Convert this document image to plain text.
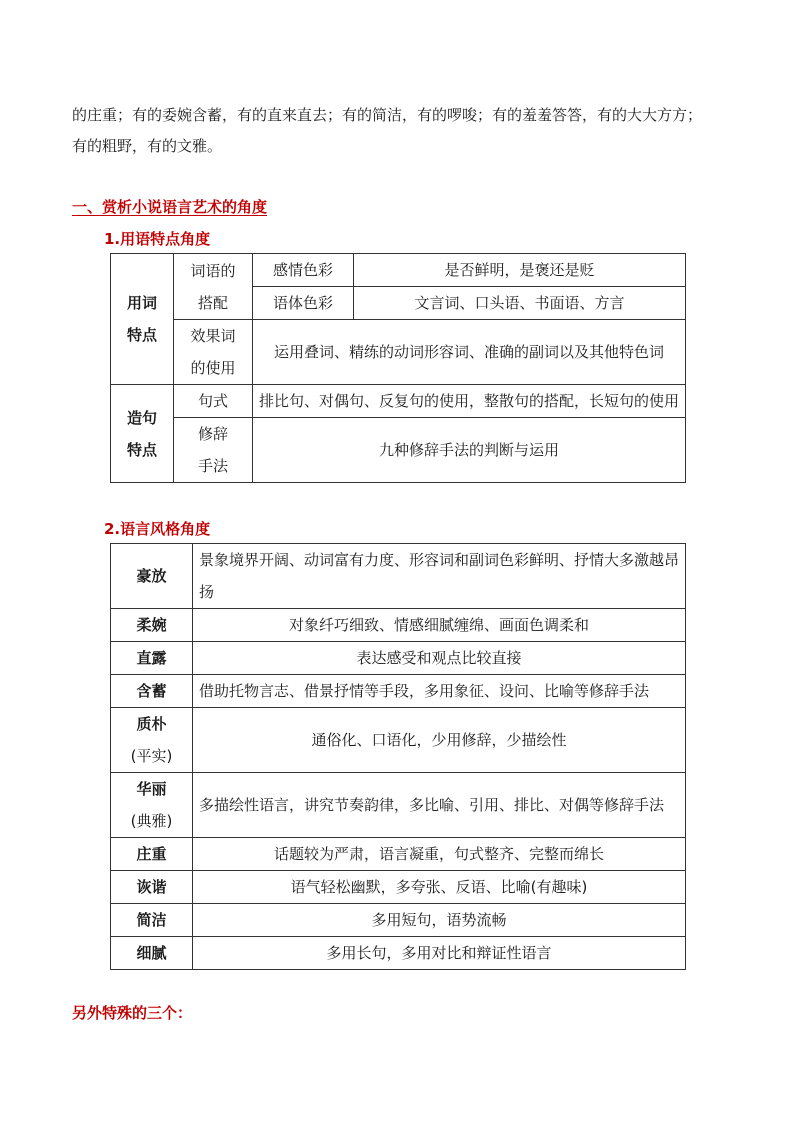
的庄重；有的委婉含蓄，有的直来直去；有的简洁，有的啰唆；有的羞羞答答，有的大大方方；

有的粗野，有的文雅。

一、赏析小说语言艺术的角度
1.用语特点角度
用词
特点	词语的
搭配	感情色彩	是否鲜明，是褒还是贬
		语体色彩	文言词、口头语、书面语、方言

	效果词
的使用	运用叠词、精练的动词形容词、准确的副词以及其他特色词	

造句
特点	句式	排比句、对偶句、反复句的使用，整散句的搭配，长短句的使用	

	修辞
手法	九种修辞手法的判断与运用	
2.语言风格角度
豪放	景象境界开阔、动词富有力度、形容词和副词色彩鲜明、抒情大多激越昂扬

柔婉	对象纤巧细致、情感细腻缠绵、画面色调柔和

直露	表达感受和观点比较直接

含蓄	借助托物言志、借景抒情等手段，多用象征、设问、比喻等修辞手法

质朴
(平实)	通俗化、口语化，少用修辞，少描绘性

华丽
(典雅)	多描绘性语言，讲究节奏韵律，多比喻、引用、排比、对偶等修辞手法

庄重	话题较为严肃，语言凝重，句式整齐、完整而绵长

诙谐	语气轻松幽默，多夸张、反语、比喻(有趣味)

简洁	多用短句，语势流畅

细腻	多用长句，多用对比和辩证性语言
另外特殊的三个：
